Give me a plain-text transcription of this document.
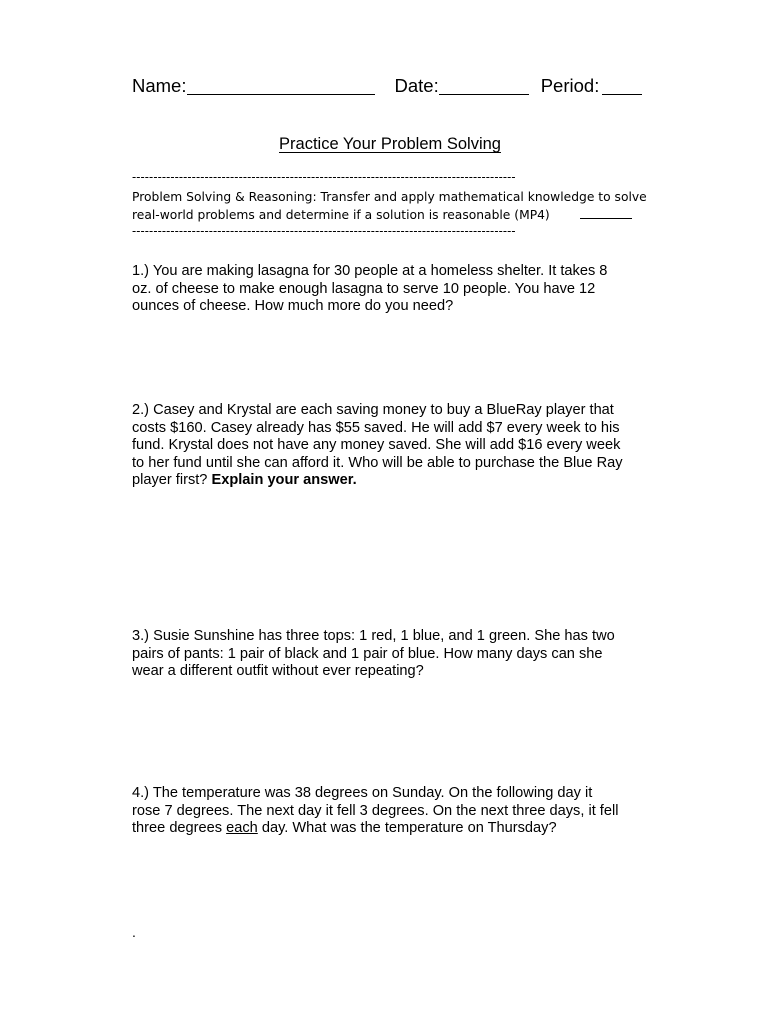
Name:	Date:	Period:
Practice Your Problem Solving
------------------------------------------------------------------------------------------
Problem Solving & Reasoning: Transfer and apply mathematical knowledge to solve
real-world problems and determine if a solution is reasonable (MP4)
------------------------------------------------------------------------------------------
1.) You are making lasagna for 30 people at a homeless shelter. It takes 8
oz. of cheese to make enough lasagna to serve 10 people. You have 12
ounces of cheese. How much more do you need?
2.) Casey and Krystal are each saving money to buy a BlueRay player that
costs $160. Casey already has $55 saved. He will add $7 every week to his
fund. Krystal does not have any money saved. She will add $16 every week
to her fund until she can afford it. Who will be able to purchase the Blue Ray
player first? Explain your answer.
3.) Susie Sunshine has three tops: 1 red, 1 blue, and 1 green. She has two
pairs of pants: 1 pair of black and 1 pair of blue. How many days can she
wear a different outfit without ever repeating?
4.) The temperature was 38 degrees on Sunday. On the following day it
rose 7 degrees. The next day it fell 3 degrees. On the next three days, it fell
three degrees each day. What was the temperature on Thursday?
.
